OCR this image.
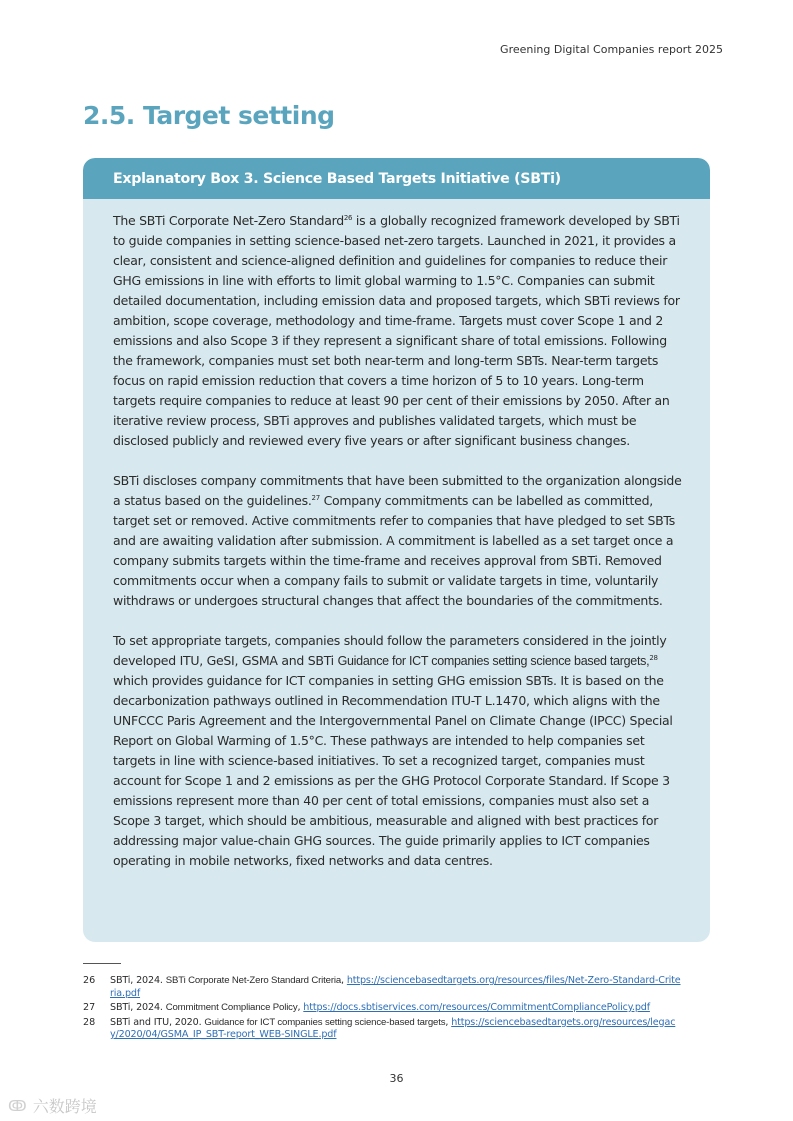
Greening Digital Companies report 2025
2.5. Target setting
Explanatory Box 3. Science Based Targets Initiative (SBTi)

The SBTi Corporate Net-Zero Standard$^{26}$ is a globally recognized framework developed by SBTi to guide companies in setting science-based net-zero targets. Launched in 2021, it provides a clear, consistent and science-aligned definition and guidelines for companies to reduce their GHG emissions in line with efforts to limit global warming to 1.5°C. Companies can submit detailed documentation, including emission data and proposed targets, which SBTi reviews for ambition, scope coverage, methodology and time-frame. Targets must cover Scope 1 and 2 emissions and also Scope 3 if they represent a significant share of total emissions. Following the framework, companies must set both near-term and long-term SBTs. Near-term targets focus on rapid emission reduction that covers a time horizon of 5 to 10 years. Long-term targets require companies to reduce at least 90 per cent of their emissions by 2050. After an iterative review process, SBTi approves and publishes validated targets, which must be disclosed publicly and reviewed every five years or after significant business changes.

SBTi discloses company commitments that have been submitted to the organization alongside a status based on the guidelines.$^{27}$ Company commitments can be labelled as committed, target set or removed. Active commitments refer to companies that have pledged to set SBTs and are awaiting validation after submission. A commitment is labelled as a set target once a company submits targets within the time-frame and receives approval from SBTi. Removed commitments occur when a company fails to submit or validate targets in time, voluntarily withdraws or undergoes structural changes that affect the boundaries of the commitments.

To set appropriate targets, companies should follow the parameters considered in the jointly developed ITU, GeSI, GSMA and SBTi Guidance for ICT companies setting science based targets,$^{28}$ which provides guidance for ICT companies in setting GHG emission SBTs. It is based on the decarbonization pathways outlined in Recommendation ITU-T L.1470, which aligns with the UNFCCC Paris Agreement and the Intergovernmental Panel on Climate Change (IPCC) Special Report on Global Warming of 1.5°C. These pathways are intended to help companies set targets in line with science-based initiatives. To set a recognized target, companies must account for Scope 1 and 2 emissions as per the GHG Protocol Corporate Standard. If Scope 3 emissions represent more than 40 per cent of total emissions, companies must also set a Scope 3 target, which should be ambitious, measurable and aligned with best practices for addressing major value-chain GHG sources. The guide primarily applies to ICT companies operating in mobile networks, fixed networks and data centres.

26	SBTi, 2024. SBTi Corporate Net-Zero Standard Criteria, https://sciencebasedtargets.org/resources/files/Net-Zero-Standard-Criteria.pdf
27	SBTi, 2024. Commitment Compliance Policy, https://docs.sbtiservices.com/resources/CommitmentCompliancePolicy.pdf
28	SBTi and ITU, 2020. Guidance for ICT companies setting science-based targets, https://sciencebasedtargets.org/resources/legacy/2020/04/GSMA_IP_SBT-report_WEB-SINGLE.pdf
36
ↂ 六数跨境
